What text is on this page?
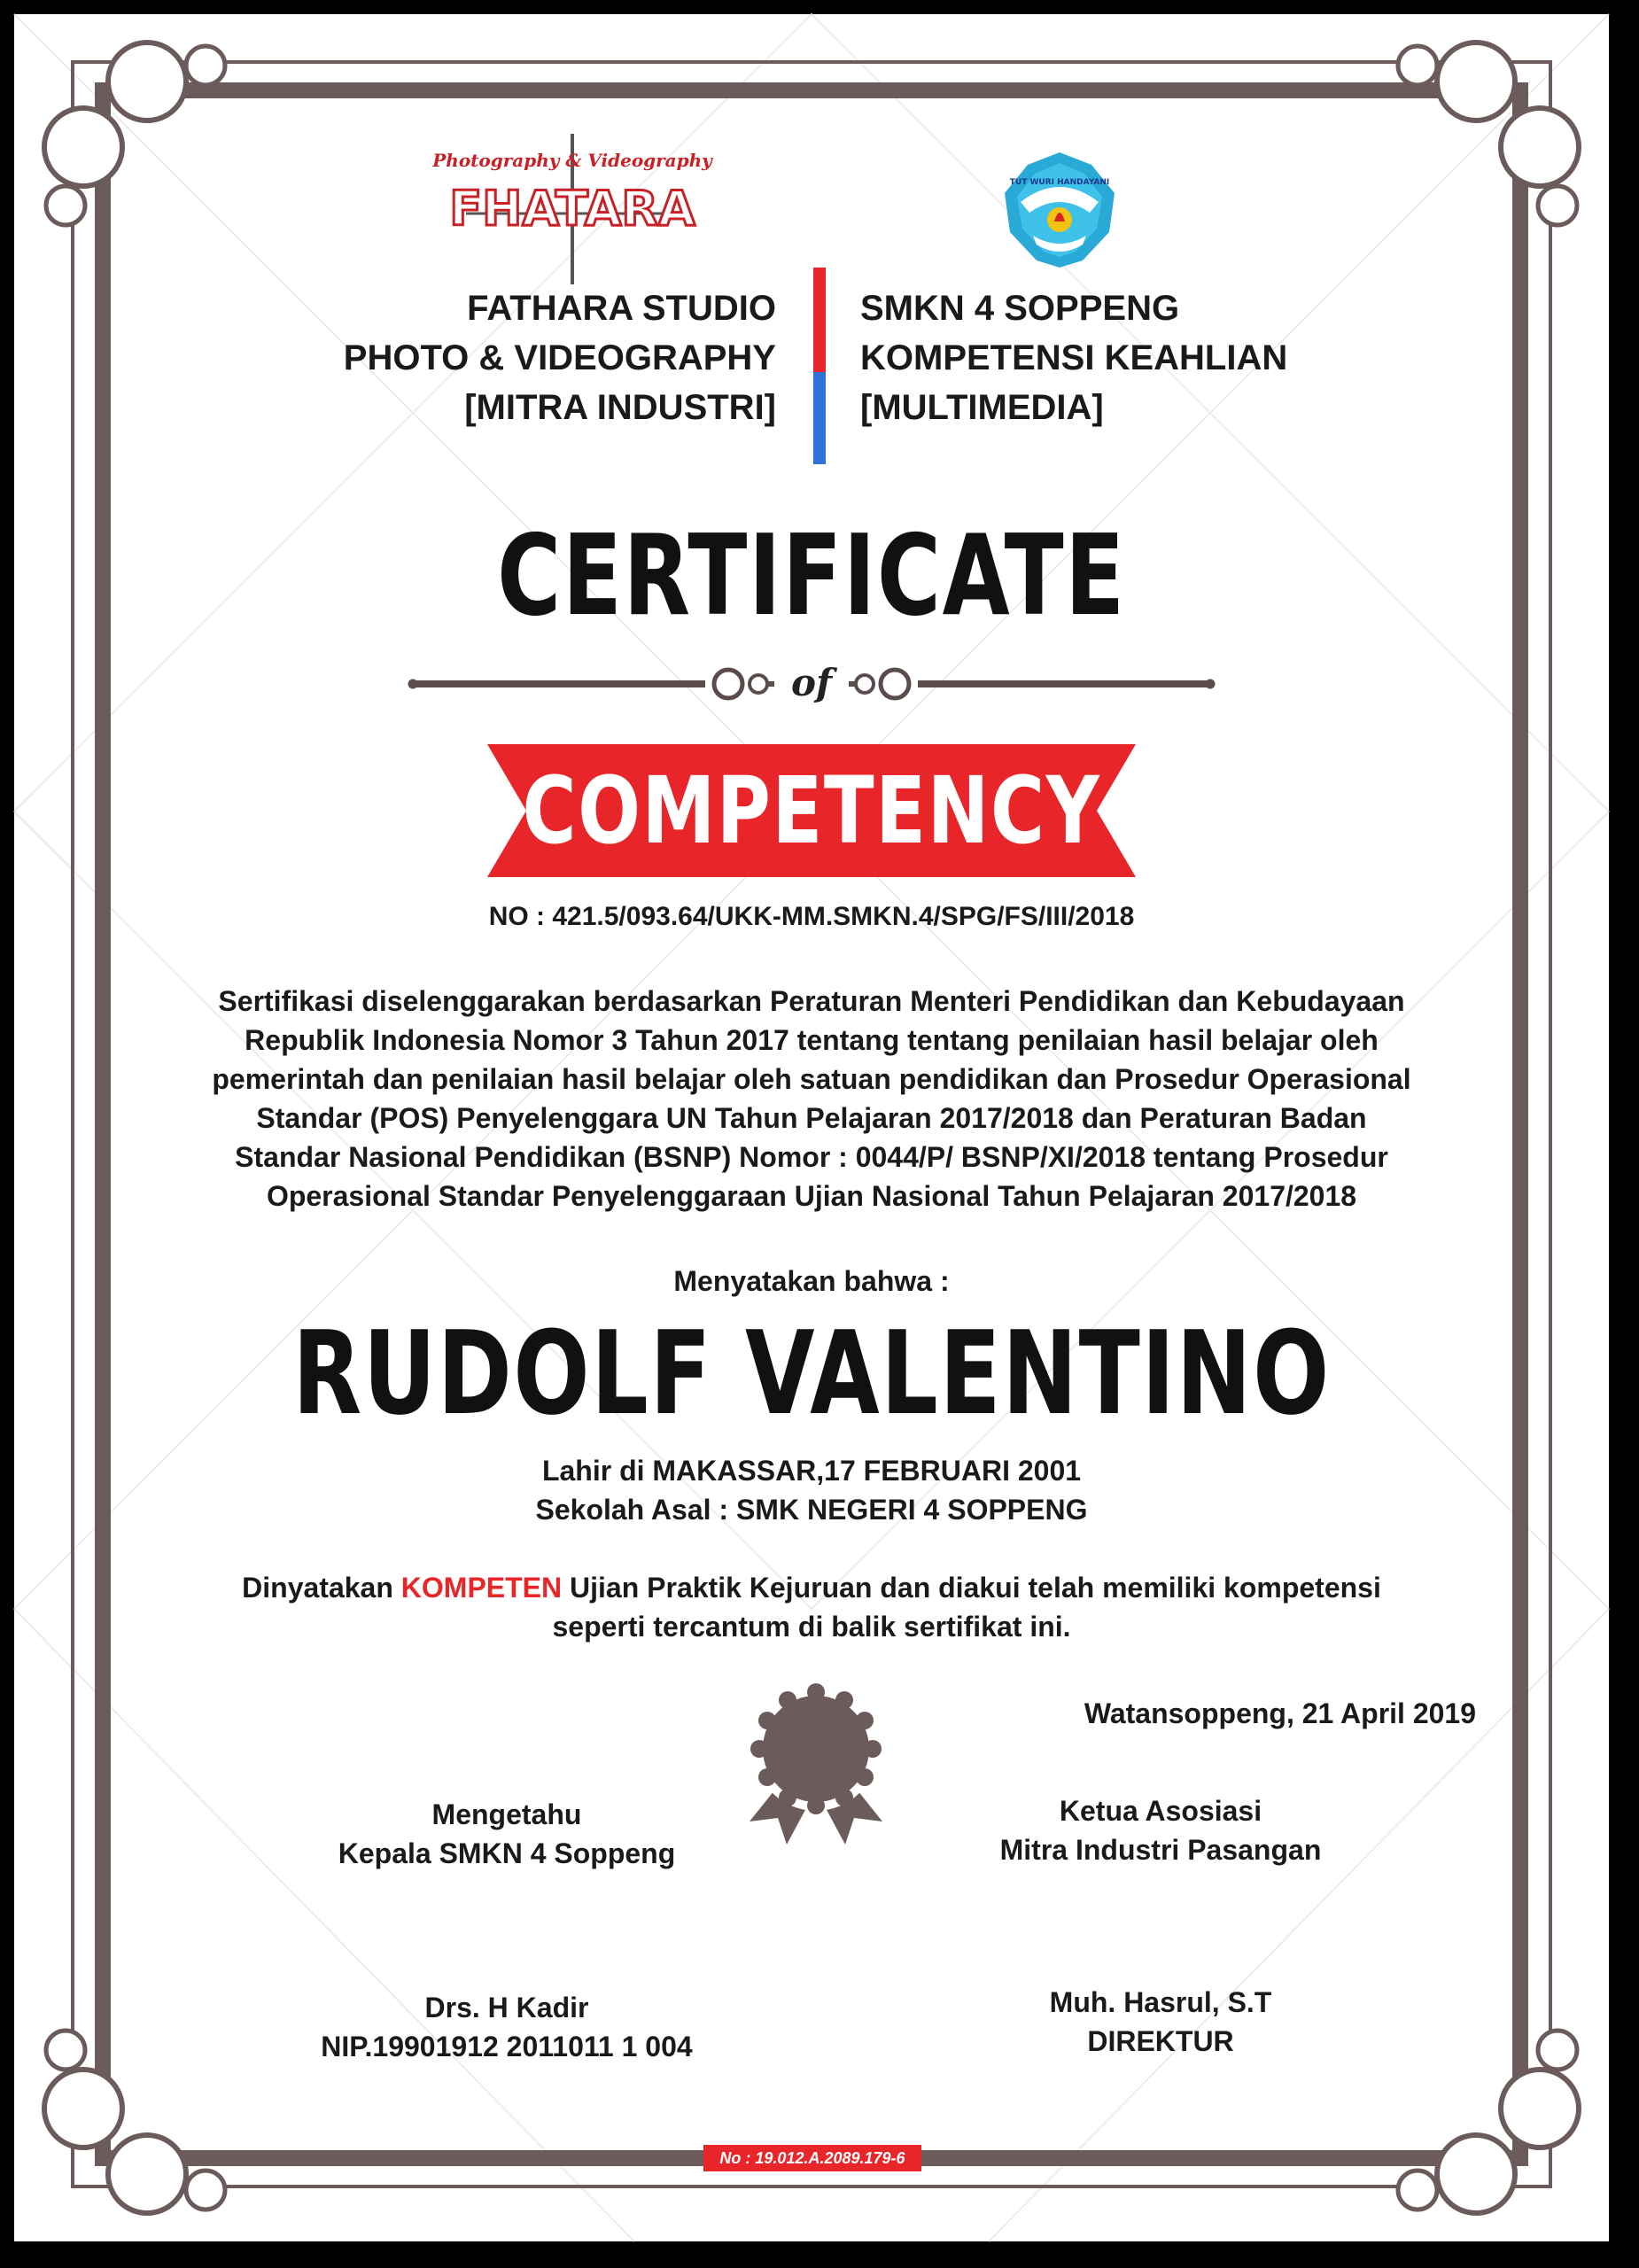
Photography & Videography
FHATARA	TUT WURI HANDAYANI
FATHARA STUDIO
PHOTO & VIDEOGRAPHY
[MITRA INDUSTRI]
SMKN 4 SOPPENG
KOMPETENSI KEAHLIAN
[MULTIMEDIA]
CERTIFICATE
of
COMPETENCY
NO : 421.5/093.64/UKK-MM.SMKN.4/SPG/FS/III/2018
Sertifikasi diselenggarakan berdasarkan Peraturan Menteri Pendidikan dan Kebudayaan
Republik Indonesia Nomor 3 Tahun 2017 tentang tentang penilaian hasil belajar oleh
pemerintah dan penilaian hasil belajar oleh satuan pendidikan dan Prosedur Operasional
Standar (POS) Penyelenggara UN Tahun Pelajaran 2017/2018 dan Peraturan Badan
Standar Nasional Pendidikan (BSNP) Nomor : 0044/P/ BSNP/XI/2018 tentang Prosedur
Operasional Standar Penyelenggaraan Ujian Nasional Tahun Pelajaran 2017/2018
Menyatakan bahwa :
RUDOLF VALENTINO
Lahir di MAKASSAR,17 FEBRUARI 2001
Sekolah Asal : SMK NEGERI 4 SOPPENG
Dinyatakan KOMPETEN Ujian Praktik Kejuruan dan diakui telah memiliki kompetensi
seperti tercantum di balik sertifikat ini.
Watansoppeng, 21 April 2019
Mengetahu
Kepala SMKN 4 Soppeng
Ketua Asosiasi
Mitra Industri Pasangan
Drs. H Kadir
NIP.19901912 2011011 1 004
Muh. Hasrul, S.T
DIREKTUR
No : 19.012.A.2089.179-6
